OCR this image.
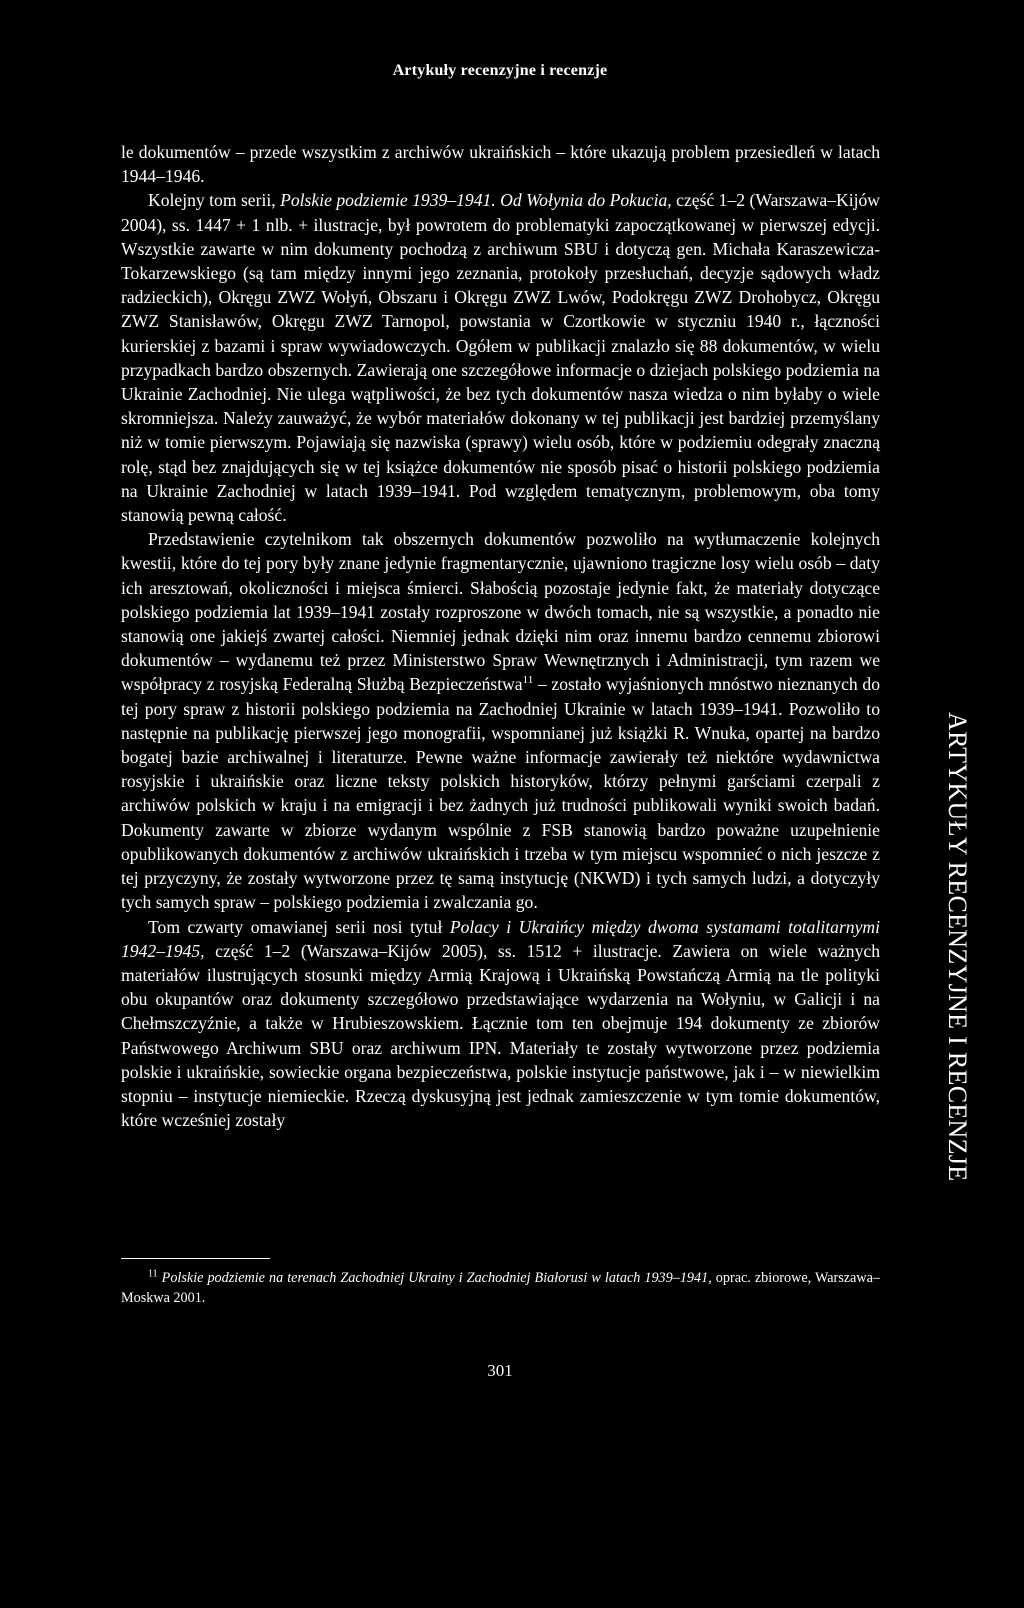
Artykuły recenzyjne i recenzje

le dokumentów – przede wszystkim z archiwów ukraińskich – które ukazują problem przesiedleń w latach 1944–1946.

Kolejny tom serii, Polskie podziemie 1939–1941. Od Wołynia do Pokucia, część 1–2 (Warszawa–Kijów 2004), ss. 1447 + 1 nlb. + ilustracje, był powrotem do problematyki zapoczątkowanej w pierwszej edycji. Wszystkie zawarte w nim dokumenty pochodzą z archiwum SBU i dotyczą gen. Michała Karaszewicza-Tokarzewskiego (są tam między innymi jego zeznania, protokoły przesłuchań, decyzje sądowych władz radzieckich), Okręgu ZWZ Wołyń, Obszaru i Okręgu ZWZ Lwów, Podokręgu ZWZ Drohobycz, Okręgu ZWZ Stanisławów, Okręgu ZWZ Tarnopol, powstania w Czortkowie w styczniu 1940 r., łączności kurierskiej z bazami i spraw wywiadowczych. Ogółem w publikacji znalazło się 88 dokumentów, w wielu przypadkach bardzo obszernych. Zawierają one szczegółowe informacje o dziejach polskiego podziemia na Ukrainie Zachodniej. Nie ulega wątpliwości, że bez tych dokumentów nasza wiedza o nim byłaby o wiele skromniejsza. Należy zauważyć, że wybór materiałów dokonany w tej publikacji jest bardziej przemyślany niż w tomie pierwszym. Pojawiają się nazwiska (sprawy) wielu osób, które w podziemiu odegrały znaczną rolę, stąd bez znajdujących się w tej książce dokumentów nie sposób pisać o historii polskiego podziemia na Ukrainie Zachodniej w latach 1939–1941. Pod względem tematycznym, problemowym, oba tomy stanowią pewną całość.

Przedstawienie czytelnikom tak obszernych dokumentów pozwoliło na wytłumaczenie kolejnych kwestii, które do tej pory były znane jedynie fragmentarycznie, ujawniono tragiczne losy wielu osób – daty ich aresztowań, okoliczności i miejsca śmierci. Słabością pozostaje jedynie fakt, że materiały dotyczące polskiego podziemia lat 1939–1941 zostały rozproszone w dwóch tomach, nie są wszystkie, a ponadto nie stanowią one jakiejś zwartej całości. Niemniej jednak dzięki nim oraz innemu bardzo cennemu zbiorowi dokumentów – wydanemu też przez Ministerstwo Spraw Wewnętrznych i Administracji, tym razem we współpracy z rosyjską Federalną Służbą Bezpieczeństwa$^{11}$ – zostało wyjaśnionych mnóstwo nieznanych do tej pory spraw z historii polskiego podziemia na Zachodniej Ukrainie w latach 1939–1941. Pozwoliło to następnie na publikację pierwszej jego monografii, wspomnianej już książki R. Wnuka, opartej na bardzo bogatej bazie archiwalnej i literaturze. Pewne ważne informacje zawierały też niektóre wydawnictwa rosyjskie i ukraińskie oraz liczne teksty polskich historyków, którzy pełnymi garściami czerpali z archiwów polskich w kraju i na emigracji i bez żadnych już trudności publikowali wyniki swoich badań. Dokumenty zawarte w zbiorze wydanym wspólnie z FSB stanowią bardzo poważne uzupełnienie opublikowanych dokumentów z archiwów ukraińskich i trzeba w tym miejscu wspomnieć o nich jeszcze z tej przyczyny, że zostały wytworzone przez tę samą instytucję (NKWD) i tych samych ludzi, a dotyczyły tych samych spraw – polskiego podziemia i zwalczania go.

Tom czwarty omawianej serii nosi tytuł Polacy i Ukraińcy między dwoma systamami totalitarnymi 1942–1945, część 1–2 (Warszawa–Kijów 2005), ss. 1512 + ilustracje. Zawiera on wiele ważnych materiałów ilustrujących stosunki między Armią Krajową i Ukraińską Powstańczą Armią na tle polityki obu okupantów oraz dokumenty szczegółowo przedstawiające wydarzenia na Wołyniu, w Galicji i na Chełmszczyźnie, a także w Hrubieszowskiem. Łącznie tom ten obejmuje 194 dokumenty ze zbiorów Państwowego Archiwum SBU oraz archiwum IPN. Materiały te zostały wytworzone przez podziemia polskie i ukraińskie, sowieckie organa bezpieczeństwa, polskie instytucje państwowe, jak i – w niewielkim stopniu – instytucje niemieckie. Rzeczą dyskusyjną jest jednak zamieszczenie w tym tomie dokumentów, które wcześniej zostały

301
ARTYKUŁY RECENZYJNE I RECENZJE
$^{11}$ Polskie podziemie na terenach Zachodniej Ukrainy i Zachodniej Białorusi w latach 1939–1941, oprac. zbiorowe, Warszawa–Moskwa 2001.
